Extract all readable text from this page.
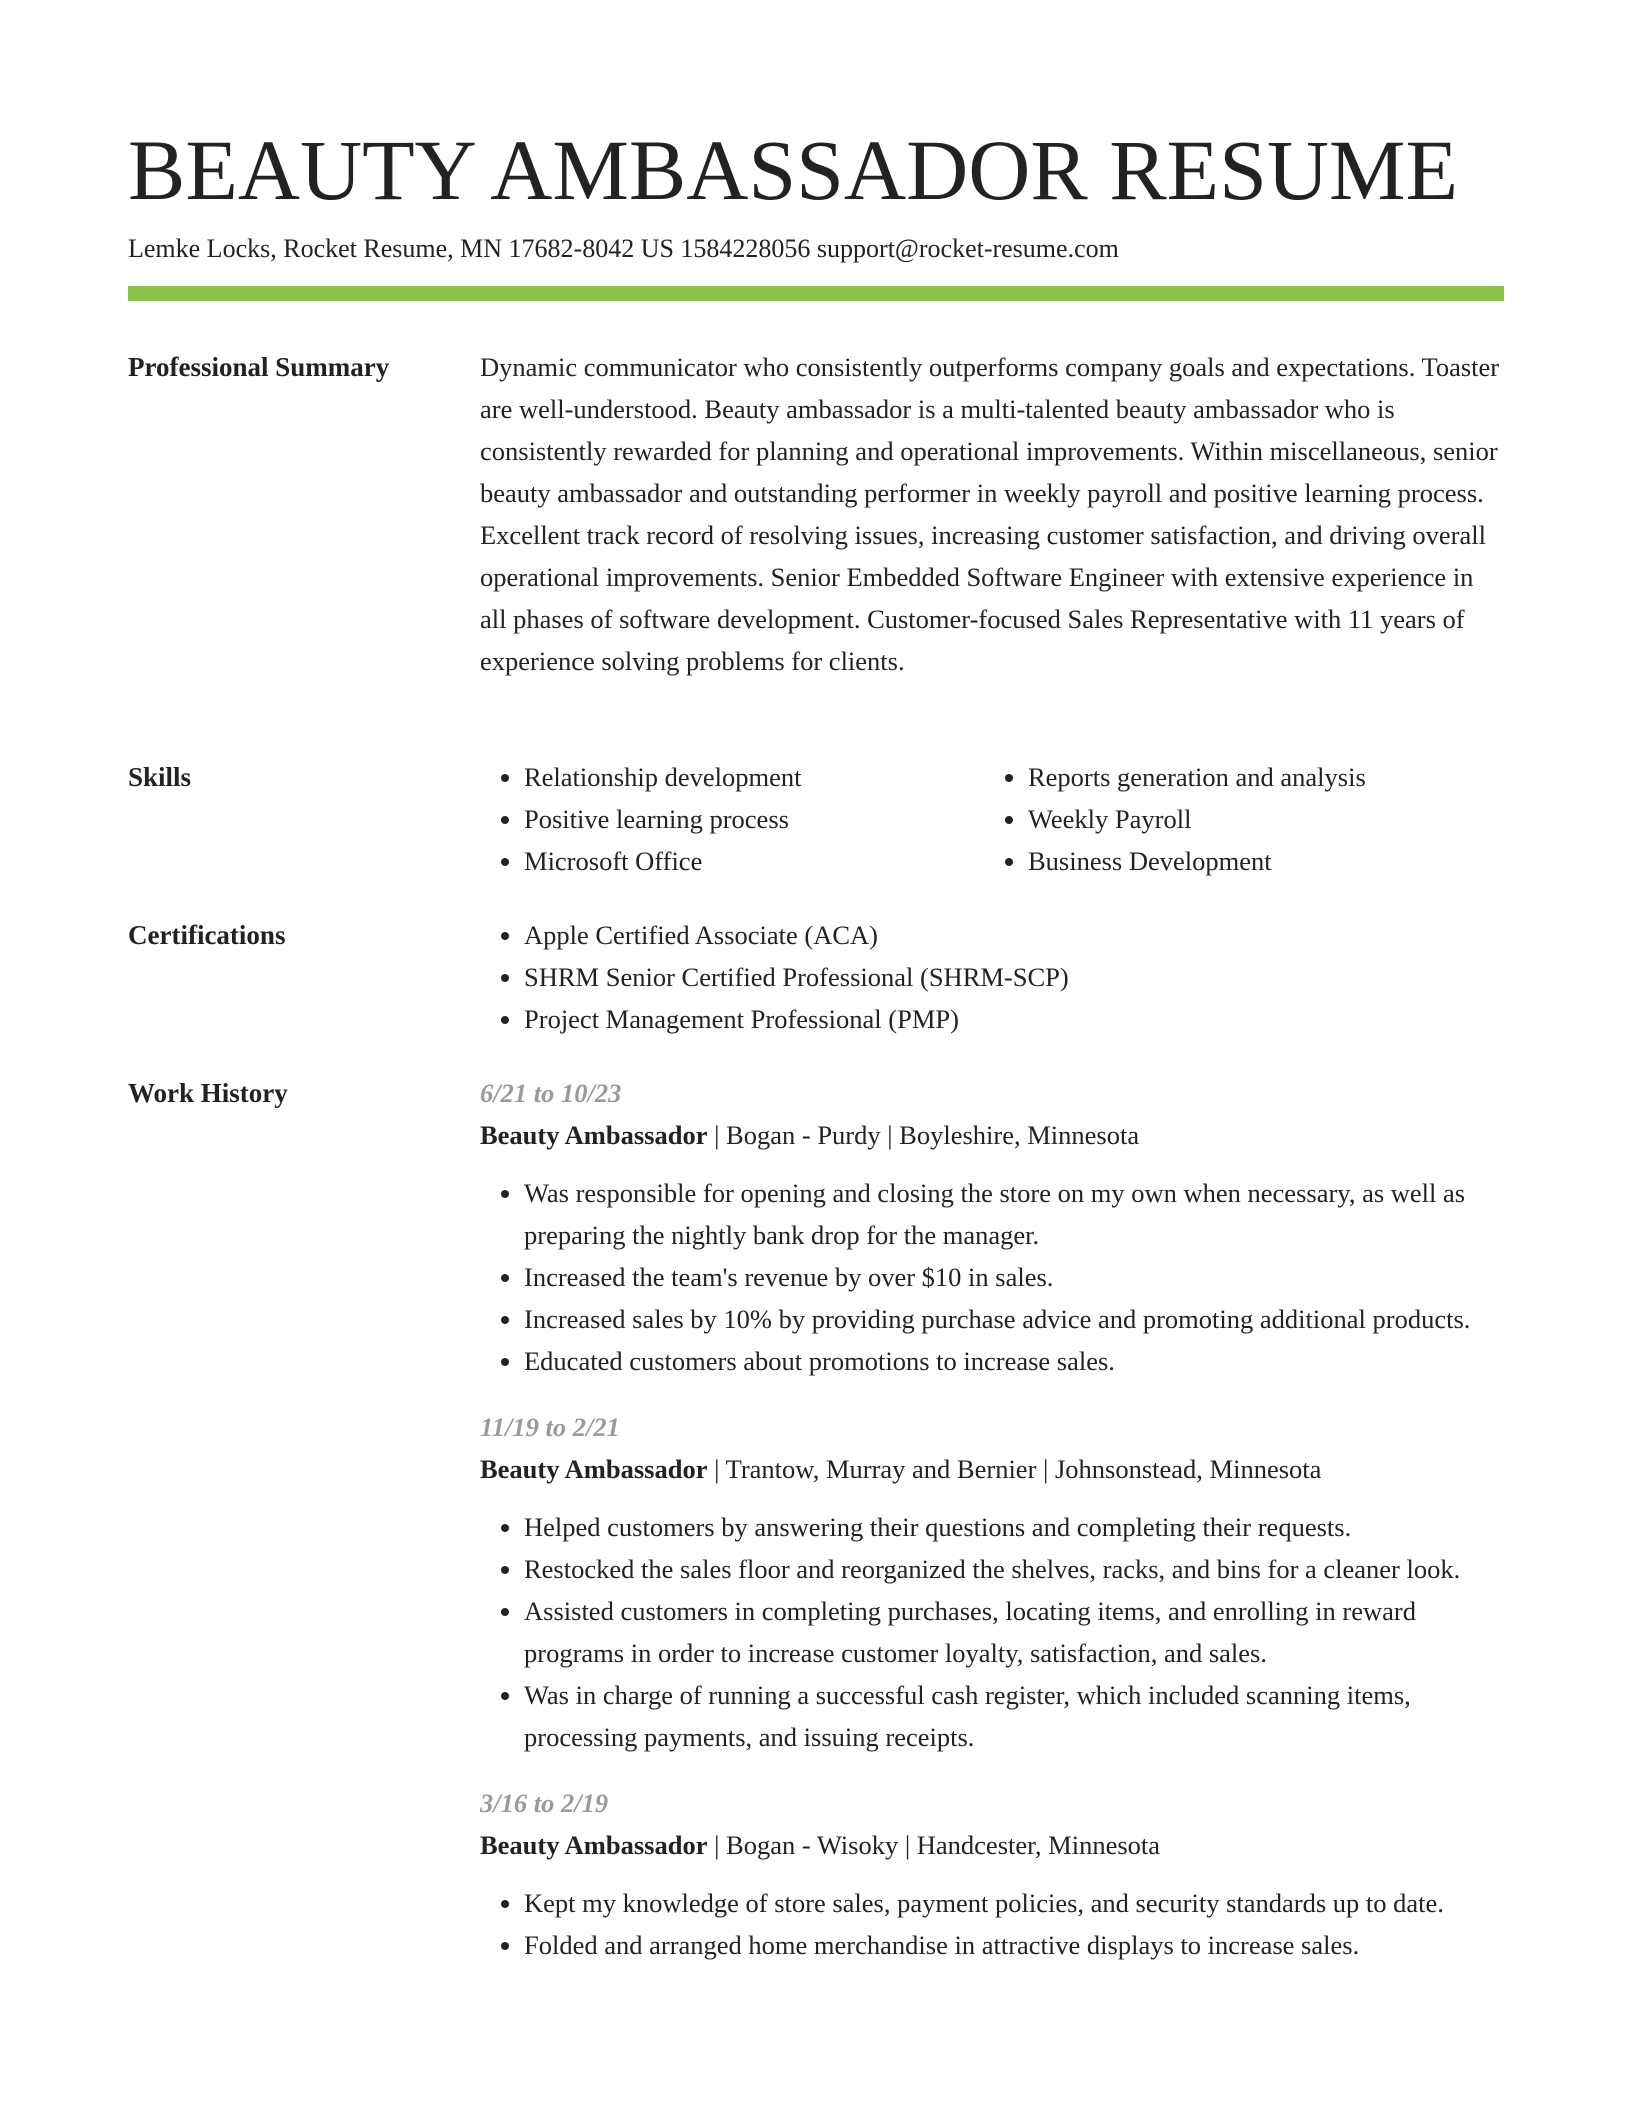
BEAUTY AMBASSADOR RESUME
Lemke Locks, Rocket Resume, MN 17682-8042 US 1584228056 support@rocket-resume.com
Professional Summary	Dynamic communicator who consistently outperforms company goals and expectations. Toaster are well-understood. Beauty ambassador is a multi-talented beauty ambassador who is consistently rewarded for planning and operational improvements. Within miscellaneous, senior beauty ambassador and outstanding performer in weekly payroll and positive learning process. Excellent track record of resolving issues, increasing customer satisfaction, and driving overall operational improvements. Senior Embedded Software Engineer with extensive experience in all phases of software development. Customer-focused Sales Representative with 11 years of experience solving problems for clients.

Skills	• Relationship development
• Positive learning process
• Microsoft Office
• Reports generation and analysis
• Weekly Payroll
• Business Development
Certifications	• Apple Certified Associate (ACA)
• SHRM Senior Certified Professional (SHRM-SCP)
• Project Management Professional (PMP)
Work History	6/21 to 10/23
Beauty Ambassador | Bogan - Purdy | Boyleshire, Minnesota
• Was responsible for opening and closing the store on my own when necessary, as well as preparing the nightly bank drop for the manager.
• Increased the team's revenue by over $10 in sales.
• Increased sales by 10% by providing purchase advice and promoting additional products.
• Educated customers about promotions to increase sales.
11/19 to 2/21
Beauty Ambassador | Trantow, Murray and Bernier | Johnsonstead, Minnesota
• Helped customers by answering their questions and completing their requests.
• Restocked the sales floor and reorganized the shelves, racks, and bins for a cleaner look.
• Assisted customers in completing purchases, locating items, and enrolling in reward programs in order to increase customer loyalty, satisfaction, and sales.
• Was in charge of running a successful cash register, which included scanning items, processing payments, and issuing receipts.
3/16 to 2/19
Beauty Ambassador | Bogan - Wisoky | Handcester, Minnesota
• Kept my knowledge of store sales, payment policies, and security standards up to date.
• Folded and arranged home merchandise in attractive displays to increase sales.
